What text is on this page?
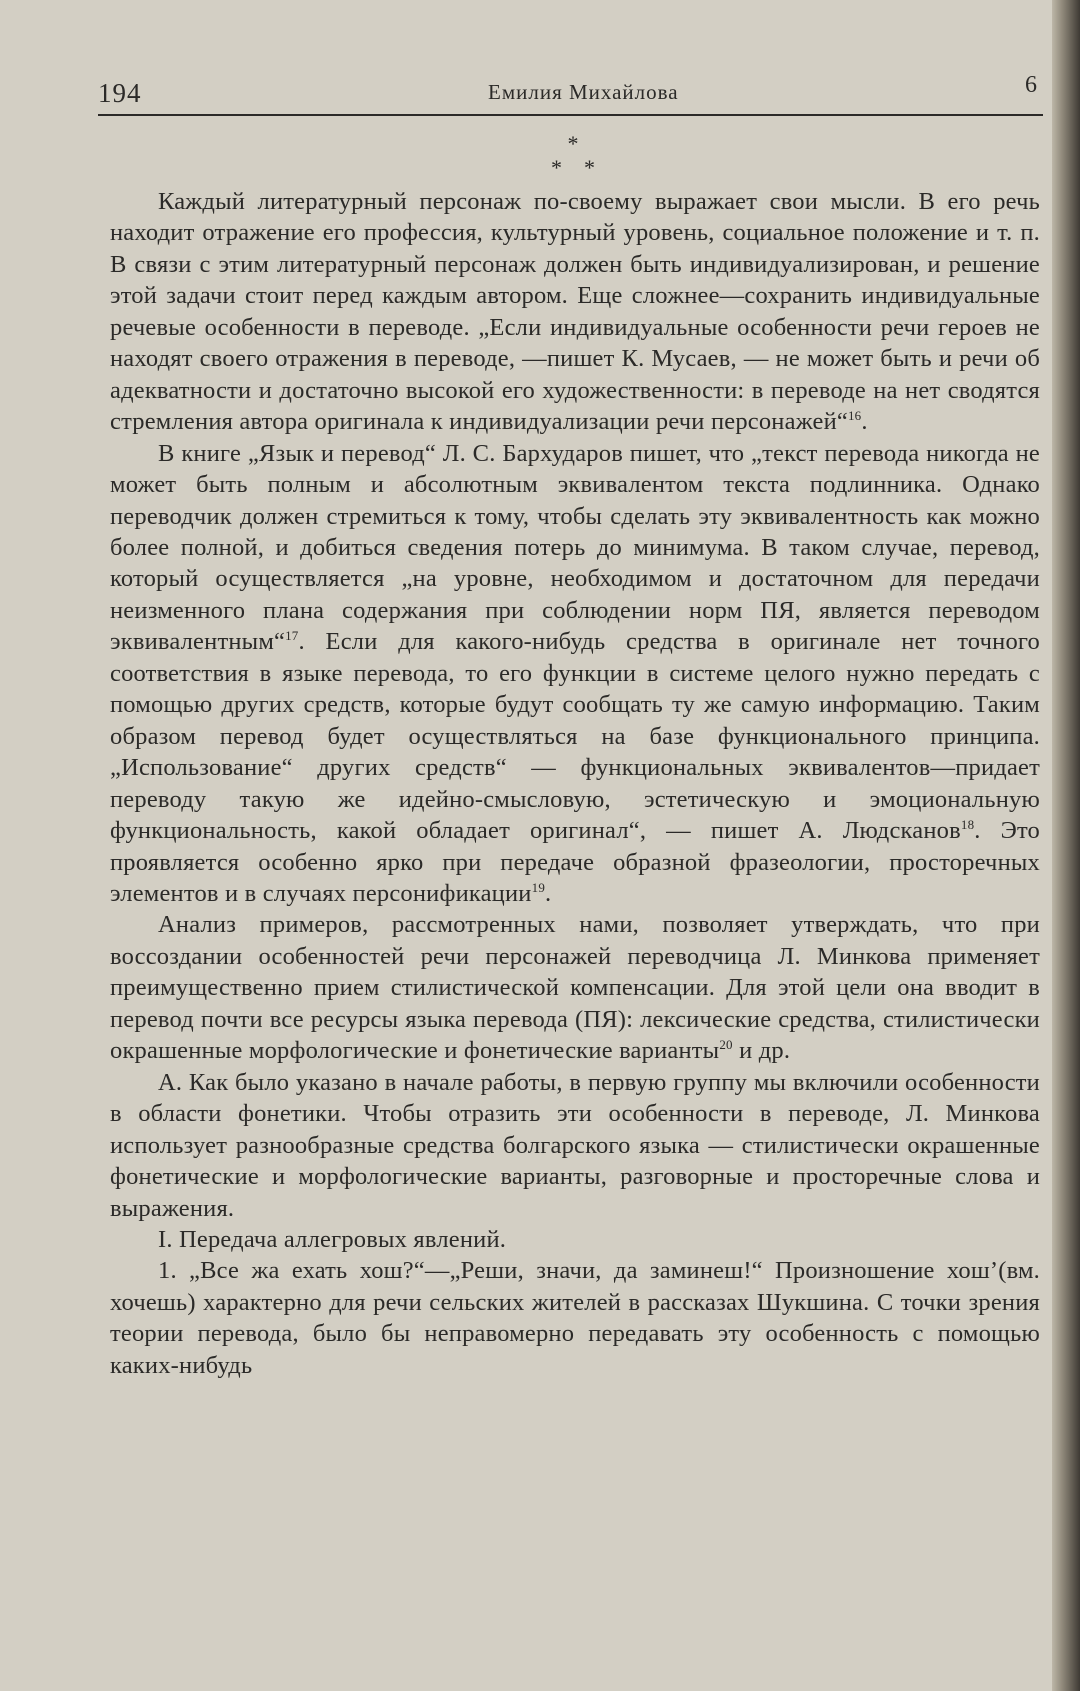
194	Емилия Михайлова	6
*
*    *

Каждый литературный персонаж по-своему выражает свои мысли. В его речь находит отражение его профессия, культурный уровень, социальное положение и т. п. В связи с этим литературный персонаж должен быть индивидуализирован, и решение этой задачи стоит перед каждым автором. Еще сложнее—сохранить индивидуальные речевые особенности в переводе. „Если индивидуальные особенности речи героев не находят своего отражения в переводе, —пишет К. Мусаев, — не может быть и речи об адекватности и достаточно высокой его художественности: в переводе на нет сводятся стремления автора оригинала к индивидуализации речи персонажей“$^{16}$.

В книге „Язык и перевод“ Л. С. Бархударов пишет, что „текст перевода никогда не может быть полным и абсолютным эквивалентом текста подлинника. Однако переводчик должен стремиться к тому, чтобы сделать эту эквивалентность как можно более полной, и добиться сведения потерь до минимума. В таком случае, перевод, который осуществляется „на уровне, необходимом и достаточном для передачи неизменного плана содержания при соблюдении норм ПЯ, является переводом эквивалентным“$^{17}$. Если для какого-нибудь средства в оригинале нет точного соответствия в языке перевода, то его функции в системе целого нужно передать с помощью других средств, которые будут сообщать ту же самую информацию. Таким образом перевод будет осуществляться на базе функционального принципа. „Использование“ других средств“ — функциональных эквивалентов—придает переводу такую же идейно-смысловую, эстетическую и эмоциональную функциональность, какой обладает оригинал“, — пишет А. Людсканов$^{18}$. Это проявляется особенно ярко при передаче образной фразеологии, просторечных элементов и в случаях персонификации$^{19}$.

Анализ примеров, рассмотренных нами, позволяет утверждать, что при воссоздании особенностей речи персонажей переводчица Л. Минкова применяет преимущественно прием стилистической компенсации. Для этой цели она вводит в перевод почти все ресурсы языка перевода (ПЯ): лексические средства, стилистически окрашенные морфологические и фонетические варианты$^{20}$ и др.

А. Как было указано в начале работы, в первую группу мы включили особенности в области фонетики. Чтобы отразить эти особенности в переводе, Л. Минкова использует разнообразные средства болгарского языка — стилистически окрашенные фонетические и морфологические варианты, разговорные и просторечные слова и выражения.

I. Передача аллегровых явлений.

1. „Все жа ехать хош?“—„Реши, значи, да заминеш!“ Произношение хош’(вм. хочешь) характерно для речи сельских жителей в рассказах Шукшина. С точки зрения теории перевода, было бы неправомерно передавать эту особенность с помощью каких-нибудь
